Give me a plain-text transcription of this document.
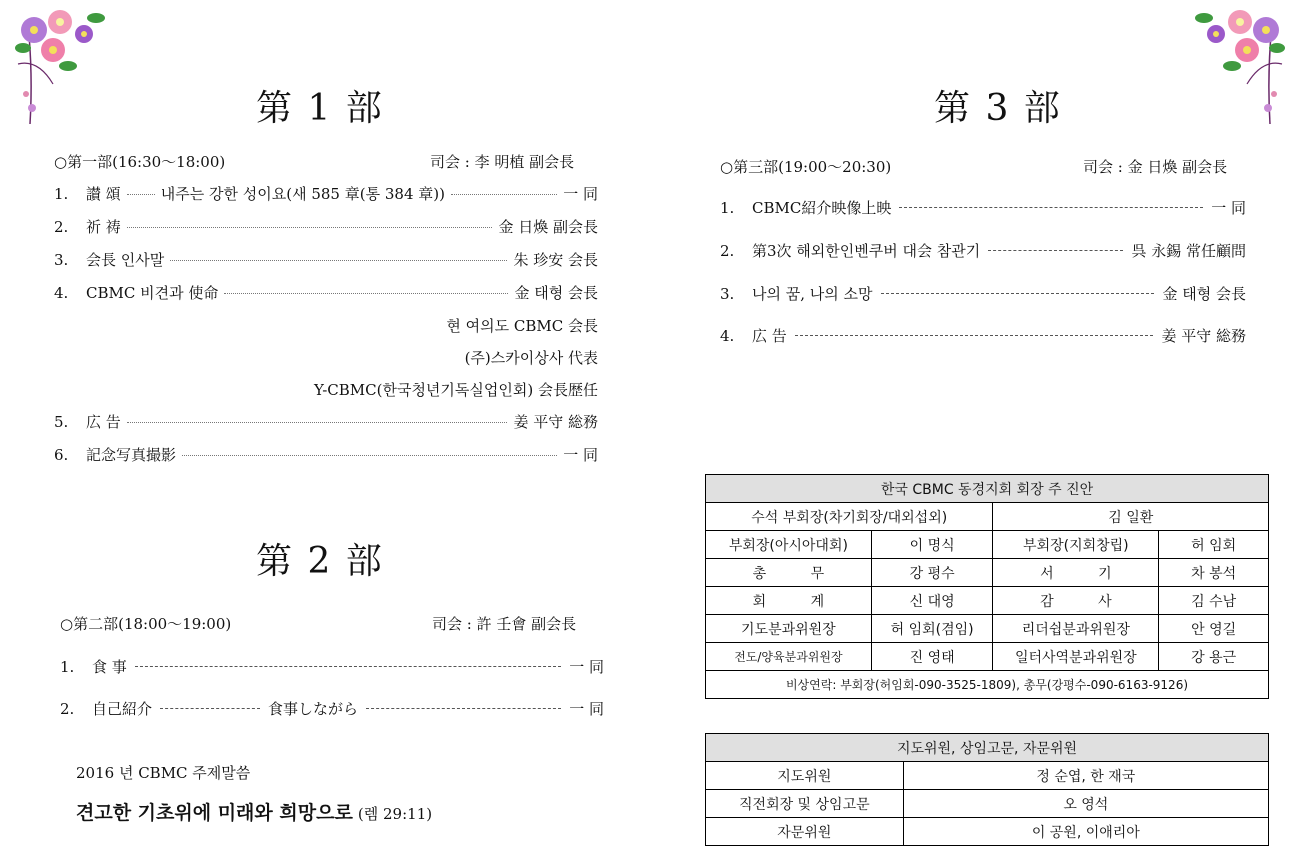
第 1 部
○第一部(16:30～18:00)	司会 : 李 明植 副会長
1.	讃 頌	내주는 강한 성이요(새 585 章(통 384 章))	一 同
2.	祈 祷	金 日煥 副会長
3.	会長 인사말	朱 珍安 会長
4.	CBMC 비견과 使命	金 태형 会長
현 여의도 CBMC 会長
(주)스카이상사 代表
Y-CBMC(한국청년기독실업인회) 会長歴任
5.	広 告	姜 平守 総務
6.	記念写真撮影	一 同
第 2 部
○第二部(18:00～19:00)	司会 : 許 壬會 副会長
1.	食 事	一 同
2.	自己紹介	食事しながら	一 同
2016 년 CBMC 주제말씀
견고한 기초위에 미래와 희망으로 (렘 29:11)
第 3 部
○第三部(19:00～20:30)	司会 : 金 日煥 副会長
1.	CBMC紹介映像上映	一 同
2.	第3次 해외한인벤쿠버 대会 참관기	呉 永錫 常任顧問
3.	나의 꿈, 나의 소망	金 태형 会長
4.	広 告	姜 平守 総務
한국 CBMC 동경지회 회장 주 진안			
수석 부회장(차기회장/대외섭외)		김 일환	
부회장(아시아대회)	이 명식	부회장(지회창립)	허 임회
총          무	강 평수	서          기	차 봉석
회          계	신 대영	감          사	김 수남
기도분과위원장	허 임회(겸임)	리더쉽분과위원장	안 영길
전도/양육분과위원장	진 영태	일터사역분과위원장	강 용근
비상연락: 부회장(허임회-090-3525-1809), 총무(강평수-090-6163-9126)			
지도위원, 상임고문, 자문위원	
지도위원	정 순엽, 한 재국
직전회장 및 상임고문	오 영석
자문위원	이 공원, 이애리아
